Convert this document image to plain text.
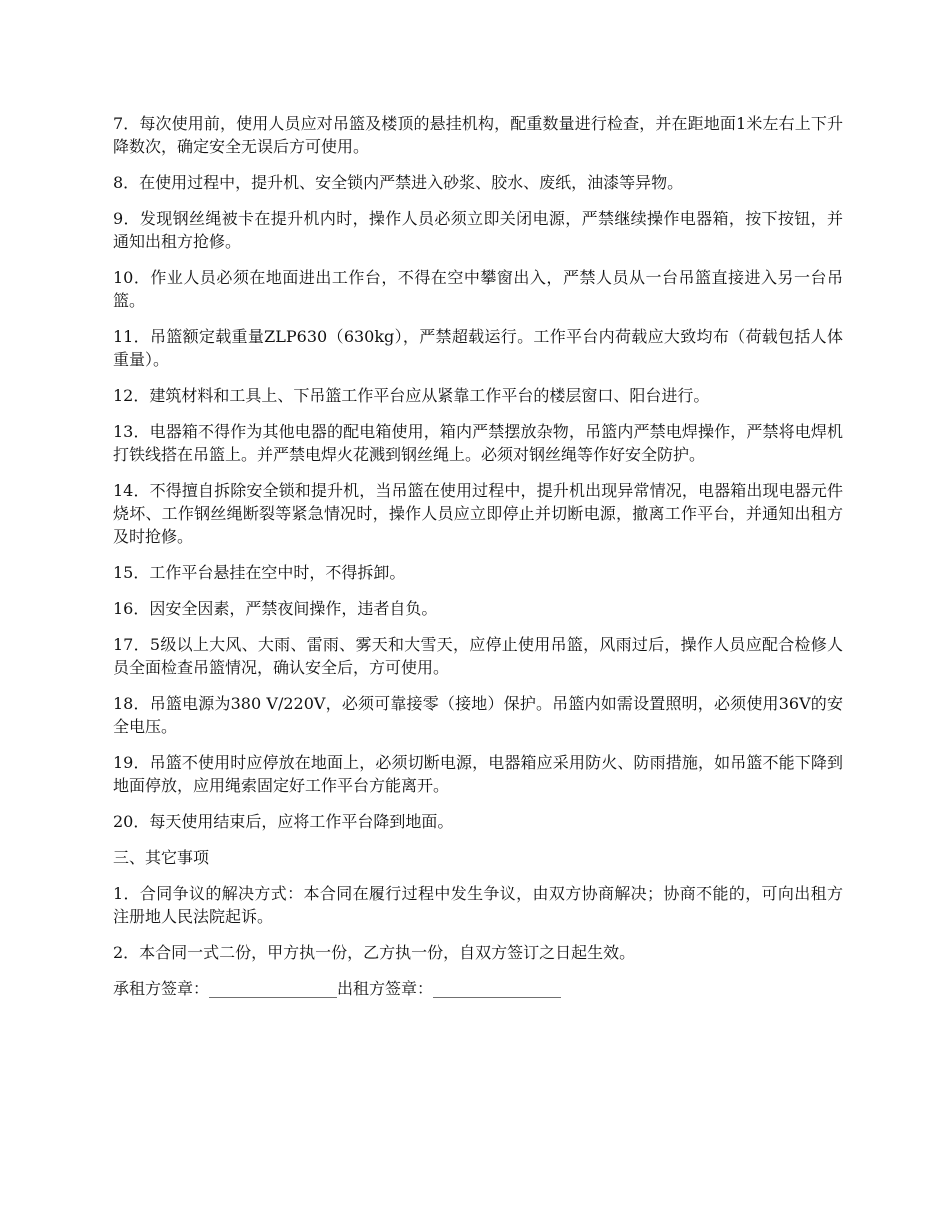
7．每次使用前，使用人员应对吊篮及楼顶的悬挂机构，配重数量进行检查，并在距地面1米左右上下升降数次，确定安全无误后方可使用。

8．在使用过程中，提升机、安全锁内严禁进入砂浆、胶水、废纸，油漆等异物。

9．发现钢丝绳被卡在提升机内时，操作人员必须立即关闭电源，严禁继续操作电器箱，按下按钮，并通知出租方抢修。

10．作业人员必须在地面进出工作台，不得在空中攀窗出入，严禁人员从一台吊篮直接进入另一台吊篮。

11．吊篮额定载重量ZLP630（630kg），严禁超载运行。工作平台内荷载应大致均布（荷载包括人体重量）。

12．建筑材料和工具上、下吊篮工作平台应从紧靠工作平台的楼层窗口、阳台进行。

13．电器箱不得作为其他电器的配电箱使用，箱内严禁摆放杂物，吊篮内严禁电焊操作，严禁将电焊机打铁线搭在吊篮上。并严禁电焊火花溅到钢丝绳上。必须对钢丝绳等作好安全防护。

14．不得擅自拆除安全锁和提升机，当吊篮在使用过程中，提升机出现异常情况，电器箱出现电器元件烧坏、工作钢丝绳断裂等紧急情况时，操作人员应立即停止并切断电源，撤离工作平台，并通知出租方及时抢修。

15．工作平台悬挂在空中时，不得拆卸。

16．因安全因素，严禁夜间操作，违者自负。

17．5级以上大风、大雨、雷雨、雾天和大雪天，应停止使用吊篮，风雨过后，操作人员应配合检修人员全面检查吊篮情况，确认安全后，方可使用。

18．吊篮电源为380 V/220V，必须可靠接零（接地）保护。吊篮内如需设置照明，必须使用36V的安全电压。

19．吊篮不使用时应停放在地面上，必须切断电源，电器箱应采用防火、防雨措施，如吊篮不能下降到地面停放，应用绳索固定好工作平台方能离开。

20．每天使用结束后，应将工作平台降到地面。

三、其它事项

1．合同争议的解决方式：本合同在履行过程中发生争议，由双方协商解决；协商不能的，可向出租方注册地人民法院起诉。

2．本合同一式二份，甲方执一份，乙方执一份，自双方签订之日起生效。

承租方签章：________________出租方签章：________________
